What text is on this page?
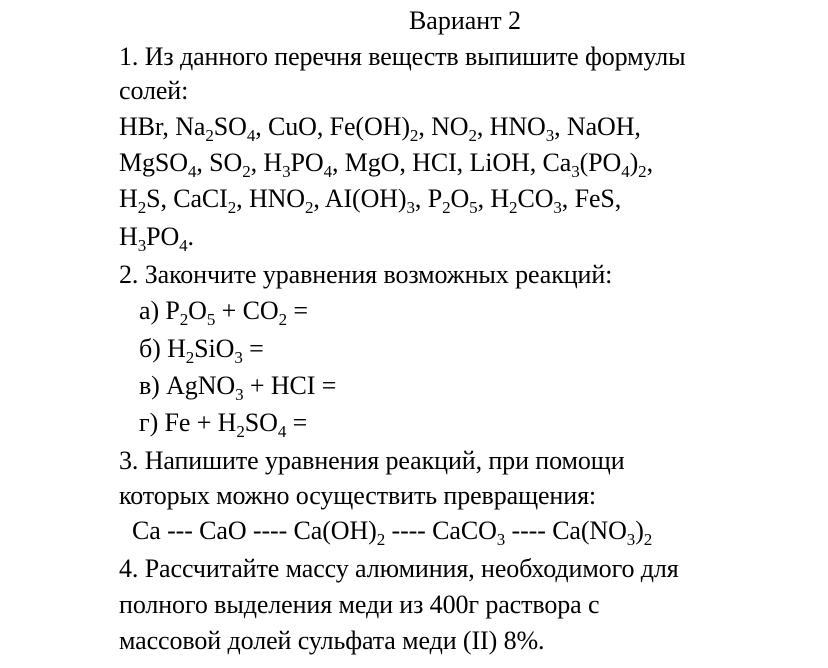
Вариант 2
1. Из данного перечня веществ выпишите формулы
солей:
HBr, $Na_2SO_4$, CuO, $Fe(OH)_2$, $NO_2$, $HNO_3$, NaOH,
MgSO$_4$, $SO_2$, $H_3PO_4$, MgO, HCI, LiOH, $Ca_3(PO_4)_2$,
$H_2S$, CaCI$_2$, $HNO_2$, $AI(OH)_3$, $P_2O_5$, $H_2CO_3$, FeS,
$H_3PO_4$.
2. Закончите уравнения возможных реакций:
а) $P_2O_5 + CO_2$ =
б) $H_2SiO_3$ =
в) AgNO$_3$ + HCI =
г) $Fe + H_2SO_4$ =
3. Напишите уравнения реакций, при помощи
которых можно осуществить превращения:
Ca --- CaO ---- $Ca(OH)_2$ ---- CaCO$_3$ ---- $Ca(NO_3)_2$
4. Рассчитайте массу алюминия, необходимого для
полного выделения меди из 400г раствора с
массовой долей сульфата меди (II) 8%.
